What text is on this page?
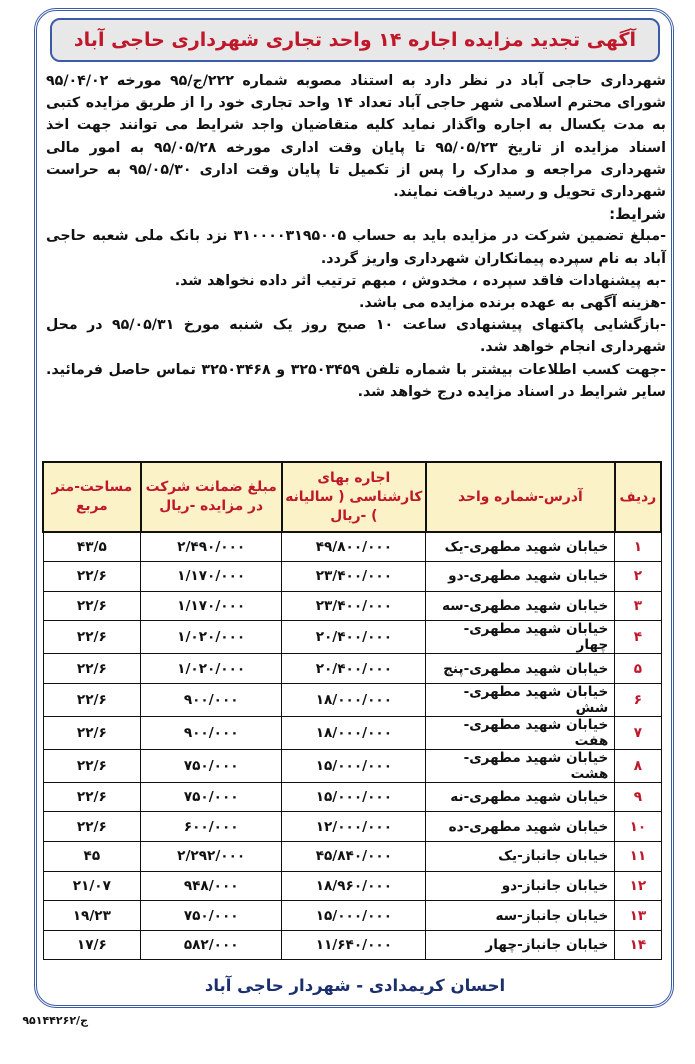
آگهی تجدید مزایده اجاره ۱۴ واحد تجاری شهرداری حاجی آباد

شهرداری حاجی آباد در نظر دارد به استناد مصوبه شماره ۲۲۲/ج/۹۵ مورخه ۹۵/۰۴/۰۲ شورای محترم اسلامی شهر حاجی آباد تعداد ۱۴ واحد تجاری خود را از طریق مزایده کتبی به مدت یکسال به اجاره واگذار نماید کلیه متقاضیان واجد شرایط می توانند جهت اخذ اسناد مزایده از تاریخ ۹۵/۰۵/۲۳ تا پایان وقت اداری مورخه ۹۵/۰۵/۲۸ به امور مالی شهرداری مراجعه و مدارک را پس از تکمیل تا پایان وقت اداری ۹۵/۰۵/۳۰ به حراست شهرداری تحویل و رسید دریافت نمایند.

شرایط:

-مبلغ تضمین شرکت در مزایده باید به حساب ۳۱۰۰۰۰۳۱۹۵۰۰۵ نزد بانک ملی شعبه حاجی آباد به نام سپرده پیمانکاران شهرداری واریز گردد.

-به پیشنهادات فاقد سپرده ، مخدوش ، مبهم ترتیب اثر داده نخواهد شد.

-هزینه آگهی به عهده برنده مزایده می باشد.

-بازگشایی پاکتهای پیشنهادی ساعت ۱۰ صبح روز یک شنبه مورخ ۹۵/۰۵/۳۱ در محل شهرداری انجام خواهد شد.

-جهت کسب اطلاعات بیشتر با شماره تلفن ۳۲۵۰۳۴۵۹ و ۳۲۵۰۳۴۶۸ تماس حاصل فرمائید. سایر شرایط در اسناد مزایده درج خواهد شد.

ردیف	آدرس-شماره واحد	اجاره بهای کارشناسی ( سالیانه ) -ریال	مبلغ ضمانت شرکت در مزایده -ریال	مساحت-متر مربع
۱	خیابان شهید مطهری-یک	۴۹/۸۰۰/۰۰۰	۲/۴۹۰/۰۰۰	۴۳/۵
۲	خیابان شهید مطهری-دو	۲۳/۴۰۰/۰۰۰	۱/۱۷۰/۰۰۰	۲۲/۶
۳	خیابان شهید مطهری-سه	۲۳/۴۰۰/۰۰۰	۱/۱۷۰/۰۰۰	۲۲/۶
۴	خیابان شهید مطهری-چهار	۲۰/۴۰۰/۰۰۰	۱/۰۲۰/۰۰۰	۲۲/۶
۵	خیابان شهید مطهری-پنج	۲۰/۴۰۰/۰۰۰	۱/۰۲۰/۰۰۰	۲۲/۶
۶	خیابان شهید مطهری-شش	۱۸/۰۰۰/۰۰۰	۹۰۰/۰۰۰	۲۲/۶
۷	خیابان شهید مطهری-هفت	۱۸/۰۰۰/۰۰۰	۹۰۰/۰۰۰	۲۲/۶
۸	خیابان شهید مطهری-هشت	۱۵/۰۰۰/۰۰۰	۷۵۰/۰۰۰	۲۲/۶
۹	خیابان شهید مطهری-نه	۱۵/۰۰۰/۰۰۰	۷۵۰/۰۰۰	۲۲/۶
۱۰	خیابان شهید مطهری-ده	۱۲/۰۰۰/۰۰۰	۶۰۰/۰۰۰	۲۲/۶
۱۱	خیابان جانباز-یک	۴۵/۸۴۰/۰۰۰	۲/۲۹۲/۰۰۰	۴۵
۱۲	خیابان جانباز-دو	۱۸/۹۶۰/۰۰۰	۹۴۸/۰۰۰	۲۱/۰۷
۱۳	خیابان جانباز-سه	۱۵/۰۰۰/۰۰۰	۷۵۰/۰۰۰	۱۹/۲۳
۱۴	خیابان جانباز-چهار	۱۱/۶۴۰/۰۰۰	۵۸۲/۰۰۰	۱۷/۶
احسان کریمدادی - شهردار حاجی آباد
ج/۹۵۱۴۴۲۶۲
